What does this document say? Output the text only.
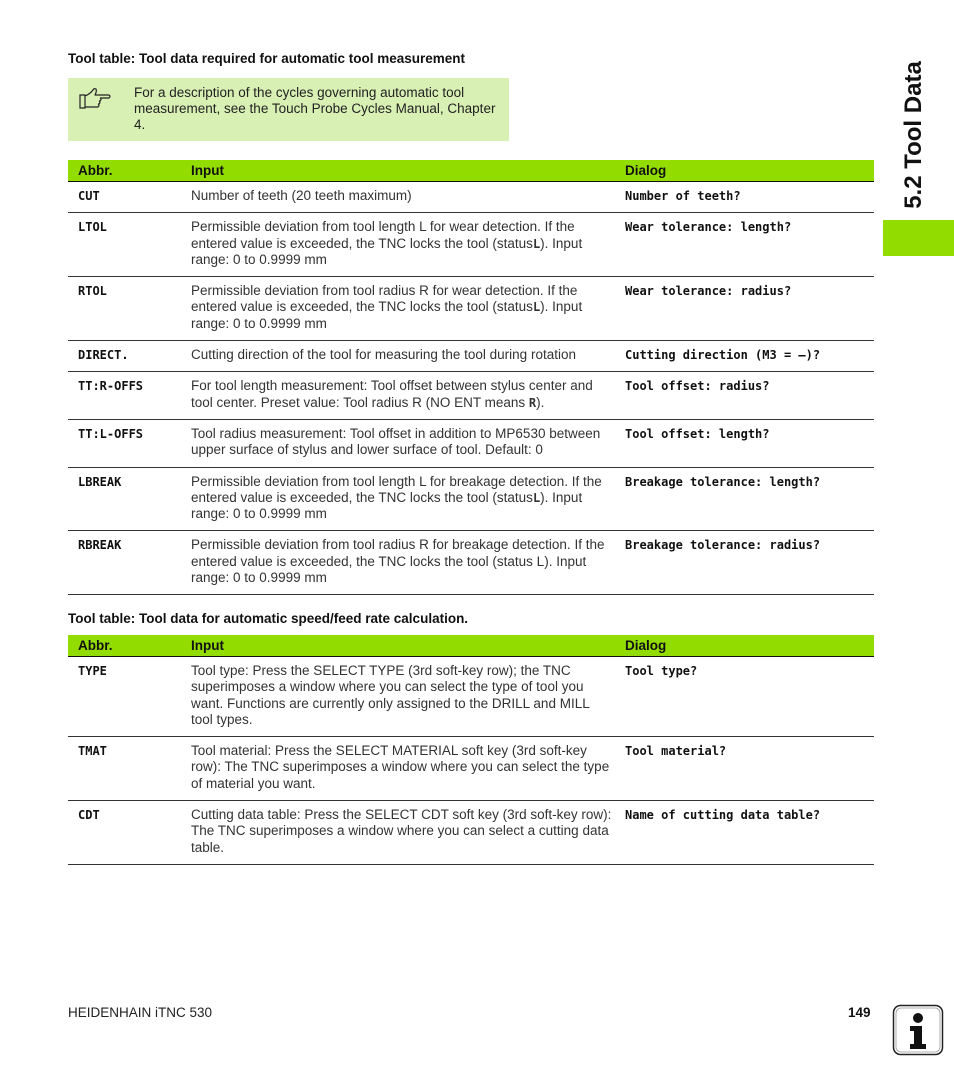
5.2 Tool Data
Tool table: Tool data required for automatic tool measurement
For a description of the cycles governing automatic tool measurement, see the Touch Probe Cycles Manual, Chapter 4.
Abbr.	Input	Dialog
CUT	Number of teeth (20 teeth maximum)	Number of teeth?
LTOL	Permissible deviation from tool length L for wear detection. If the entered value is exceeded, the TNC locks the tool (statusL). Input range: 0 to 0.9999 mm	Wear tolerance: length?
RTOL	Permissible deviation from tool radius R for wear detection. If the entered value is exceeded, the TNC locks the tool (statusL). Input range: 0 to 0.9999 mm	Wear tolerance: radius?
DIRECT.	Cutting direction of the tool for measuring the tool during rotation	Cutting direction (M3 = –)?
TT:R-OFFS	For tool length measurement: Tool offset between stylus center and tool center. Preset value: Tool radius R (NO ENT means R).	Tool offset: radius?
TT:L-OFFS	Tool radius measurement: Tool offset in addition to MP6530 between upper surface of stylus and lower surface of tool. Default: 0	Tool offset: length?
LBREAK	Permissible deviation from tool length L for breakage detection. If the entered value is exceeded, the TNC locks the tool (statusL). Input range: 0 to 0.9999 mm	Breakage tolerance: length?
RBREAK	Permissible deviation from tool radius R for breakage detection. If the entered value is exceeded, the TNC locks the tool (status L). Input range: 0 to 0.9999 mm	Breakage tolerance: radius?
Tool table: Tool data for automatic speed/feed rate calculation.
Abbr.	Input	Dialog
TYPE	Tool type: Press the SELECT TYPE (3rd soft-key row); the TNC superimposes a window where you can select the type of tool you want. Functions are currently only assigned to the DRILL and MILL tool types.	Tool type?
TMAT	Tool material: Press the SELECT MATERIAL soft key (3rd soft-key row): The TNC superimposes a window where you can select the type of material you want.	Tool material?
CDT	Cutting data table: Press the SELECT CDT soft key (3rd soft-key row): The TNC superimposes a window where you can select a cutting data table.	Name of cutting data table?
HEIDENHAIN iTNC 530	149
